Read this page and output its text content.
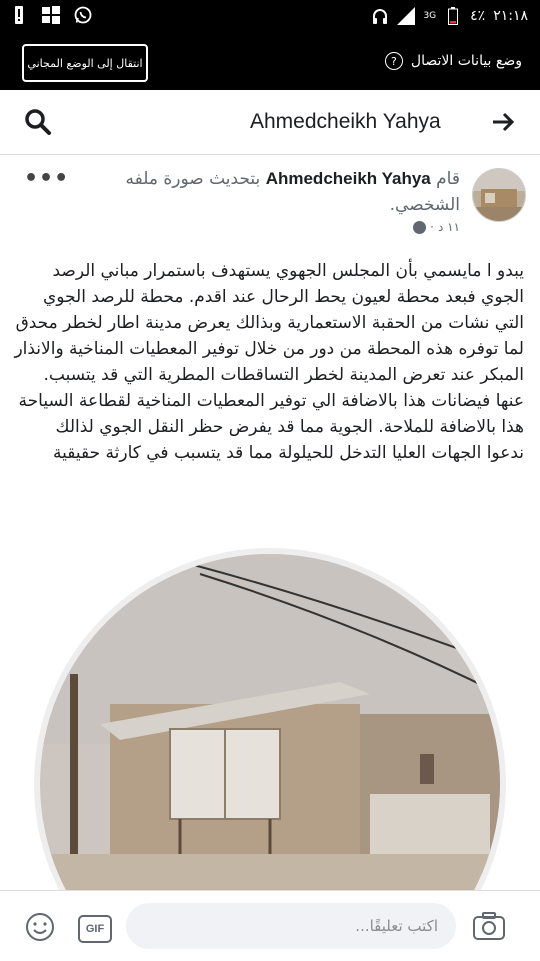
3G ٤٪ ٢١:١٨
انتقال إلى الوضع المجاني	وضع بيانات الاتصال
?
Ahmedcheikh Yahya
•••	قام Ahmedcheikh Yahya بتحديث صورة ملفه الشخصي.
١١ د
·
يبدو ا مايسمي بأن المجلس الجهوي يستهدف باستمرار مباني الرصد الجوي فبعد محطة لعيون يحط الرحال عند اقدم. محطة للرصد الجوي التي نشات من الحقبة الاستعمارية وبذالك يعرض مدينة اطار لخطر محدق لما توفره هذه المحطة من دور من خلال توفير المعطيات المناخية والانذار المبكر عند تعرض المدينة لخطر التساقطات المطرية التي قد يتسبب. عنها فيضانات هذا بالاضافة الي توفير المعطيات المناخية لقطاعة السياحة هذا بالاضافة للملاحة. الجوية مما قد يفرض حظر النقل الجوي لذالك ندعوا الجهات العليا التدخل للحيلولة مما قد يتسبب في كارثة حقيقية
GIF
اكتب تعليقًا...
